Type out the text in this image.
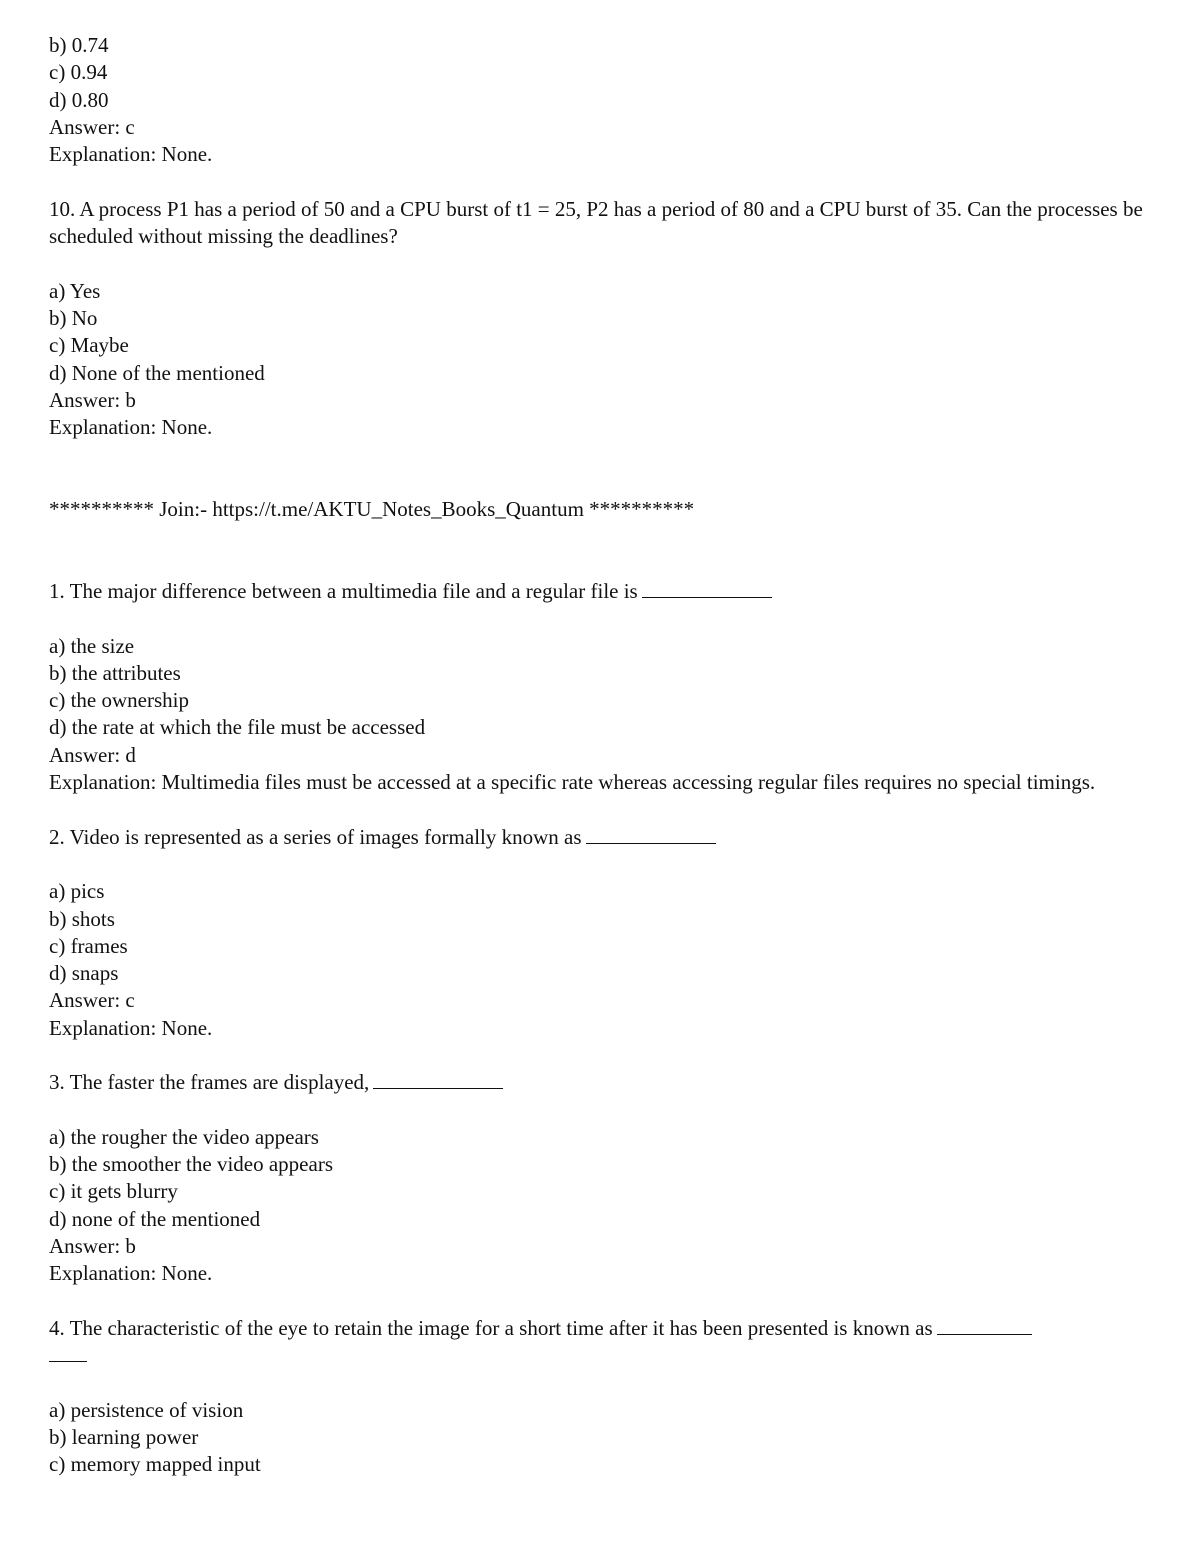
b) 0.74
c) 0.94
d) 0.80
Answer: c
Explanation: None.
10. A process P1 has a period of 50 and a CPU burst of t1 = 25, P2 has a period of 80 and a CPU burst of 35. Can the processes be scheduled without missing the deadlines?
a) Yes
b) No
c) Maybe
d) None of the mentioned
Answer: b
Explanation: None.
********** Join:- https://t.me/AKTU_Notes_Books_Quantum **********
1. The major difference between a multimedia file and a regular file is
a) the size
b) the attributes
c) the ownership
d) the rate at which the file must be accessed
Answer: d
Explanation: Multimedia files must be accessed at a specific rate whereas accessing regular files requires no special timings.
2. Video is represented as a series of images formally known as
a) pics
b) shots
c) frames
d) snaps
Answer: c
Explanation: None.
3. The faster the frames are displayed,
a) the rougher the video appears
b) the smoother the video appears
c) it gets blurry
d) none of the mentioned
Answer: b
Explanation: None.
4. The characteristic of the eye to retain the image for a short time after it has been presented is known as
a) persistence of vision
b) learning power
c) memory mapped input
